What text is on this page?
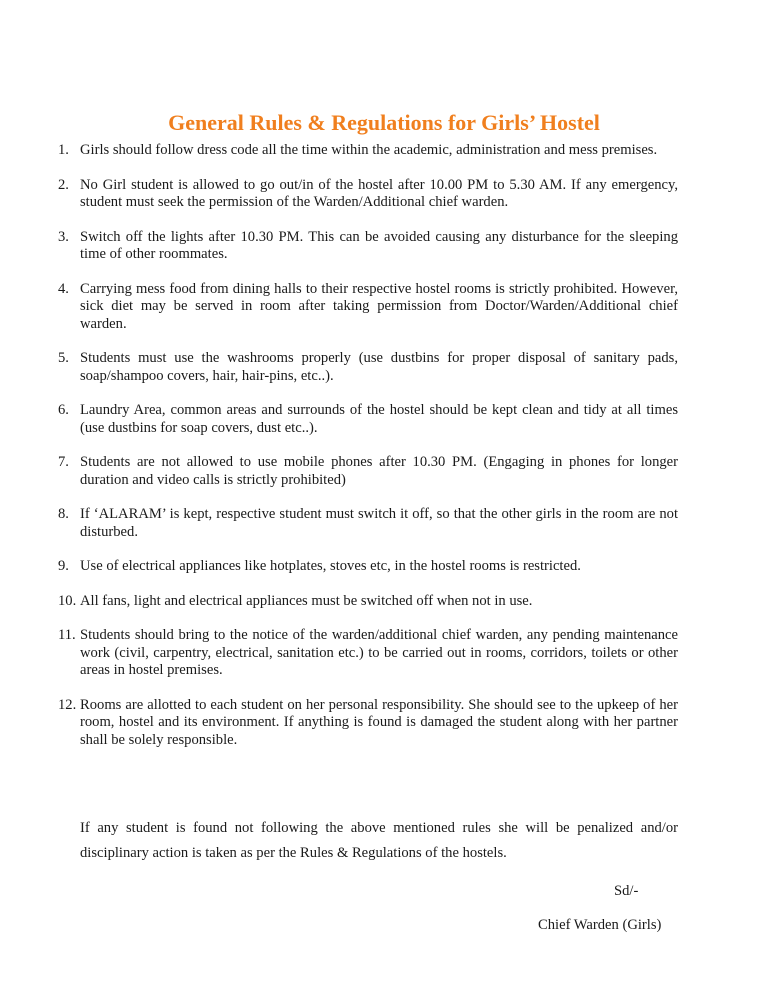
General Rules & Regulations for Girls’ Hostel
1. Girls should follow dress code all the time within the academic, administration and mess premises.
2. No Girl student is allowed to go out/in of the hostel after 10.00 PM to 5.30 AM. If any emergency, student must seek the permission of the Warden/Additional chief warden.
3. Switch off the lights after 10.30 PM. This can be avoided causing any disturbance for the sleeping time of other roommates.
4. Carrying mess food from dining halls to their respective hostel rooms is strictly prohibited. However, sick diet may be served in room after taking permission from Doctor/Warden/Additional chief warden.
5. Students must use the washrooms properly (use dustbins for proper disposal of sanitary pads, soap/shampoo covers, hair, hair-pins, etc..).
6. Laundry Area, common areas and surrounds of the hostel should be kept clean and tidy at all times (use dustbins for soap covers, dust etc..).
7. Students are not allowed to use mobile phones after 10.30 PM. (Engaging in phones for longer duration and video calls is strictly prohibited)
8. If ‘ALARAM’ is kept, respective student must switch it off, so that the other girls in the room are not disturbed.
9. Use of electrical appliances like hotplates, stoves etc, in the hostel rooms is restricted.
10. All fans, light and electrical appliances must be switched off when not in use.
11. Students should bring to the notice of the warden/additional chief warden, any pending maintenance work (civil, carpentry, electrical, sanitation etc.) to be carried out in rooms, corridors, toilets or other areas in hostel premises.
12. Rooms are allotted to each student on her personal responsibility. She should see to the upkeep of her room, hostel and its environment. If anything is found is damaged the student along with her partner shall be solely responsible.

If any student is found not following the above mentioned rules she will be penalized and/or disciplinary action is taken as per the Rules & Regulations of the hostels.

Sd/-

Chief Warden (Girls)
